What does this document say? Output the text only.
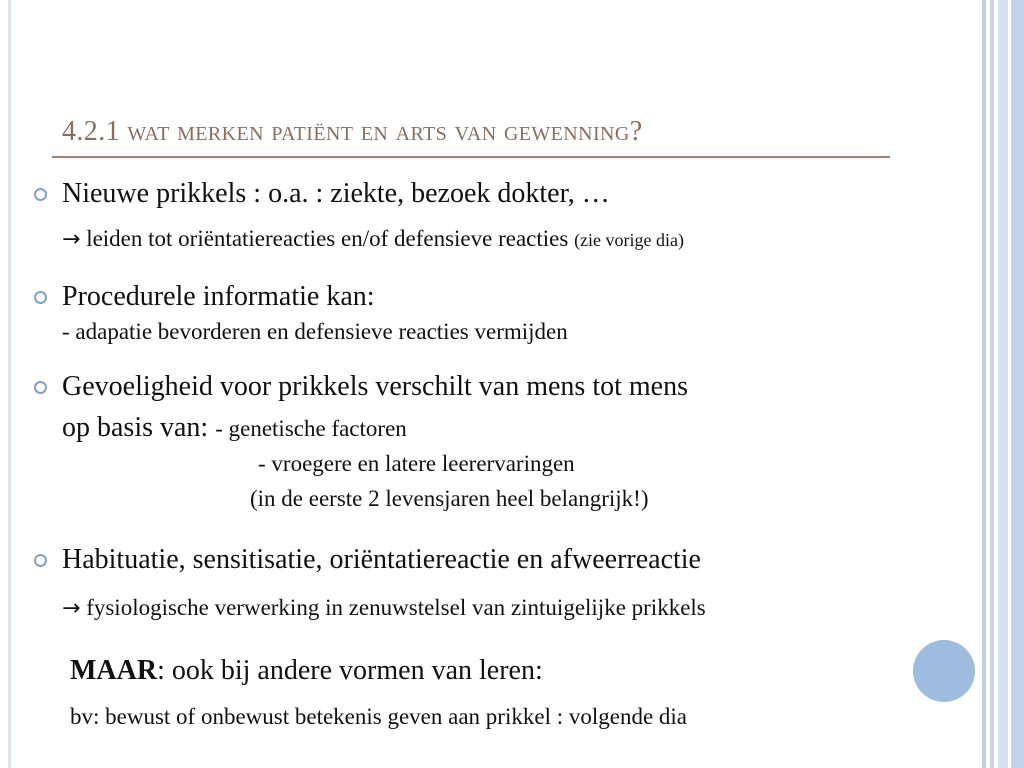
4.2.1 wat merken patiënt en arts van gewenning?
Nieuwe prikkels : o.a. : ziekte, bezoek dokter, …
→ leiden tot oriëntatiereacties en/of defensieve reacties (zie vorige dia)
Procedurele informatie kan:
- adapatie bevorderen en defensieve reacties vermijden
Gevoeligheid voor prikkels verschilt van mens tot mens
op basis van: - genetische factoren
- vroegere en latere leerervaringen
(in de eerste 2 levensjaren heel belangrijk!)
Habituatie, sensitisatie, oriëntatiereactie en afweerreactie
→ fysiologische verwerking in zenuwstelsel van zintuigelijke prikkels
MAAR: ook bij andere vormen van leren:
bv: bewust of onbewust betekenis geven aan prikkel : volgende dia
